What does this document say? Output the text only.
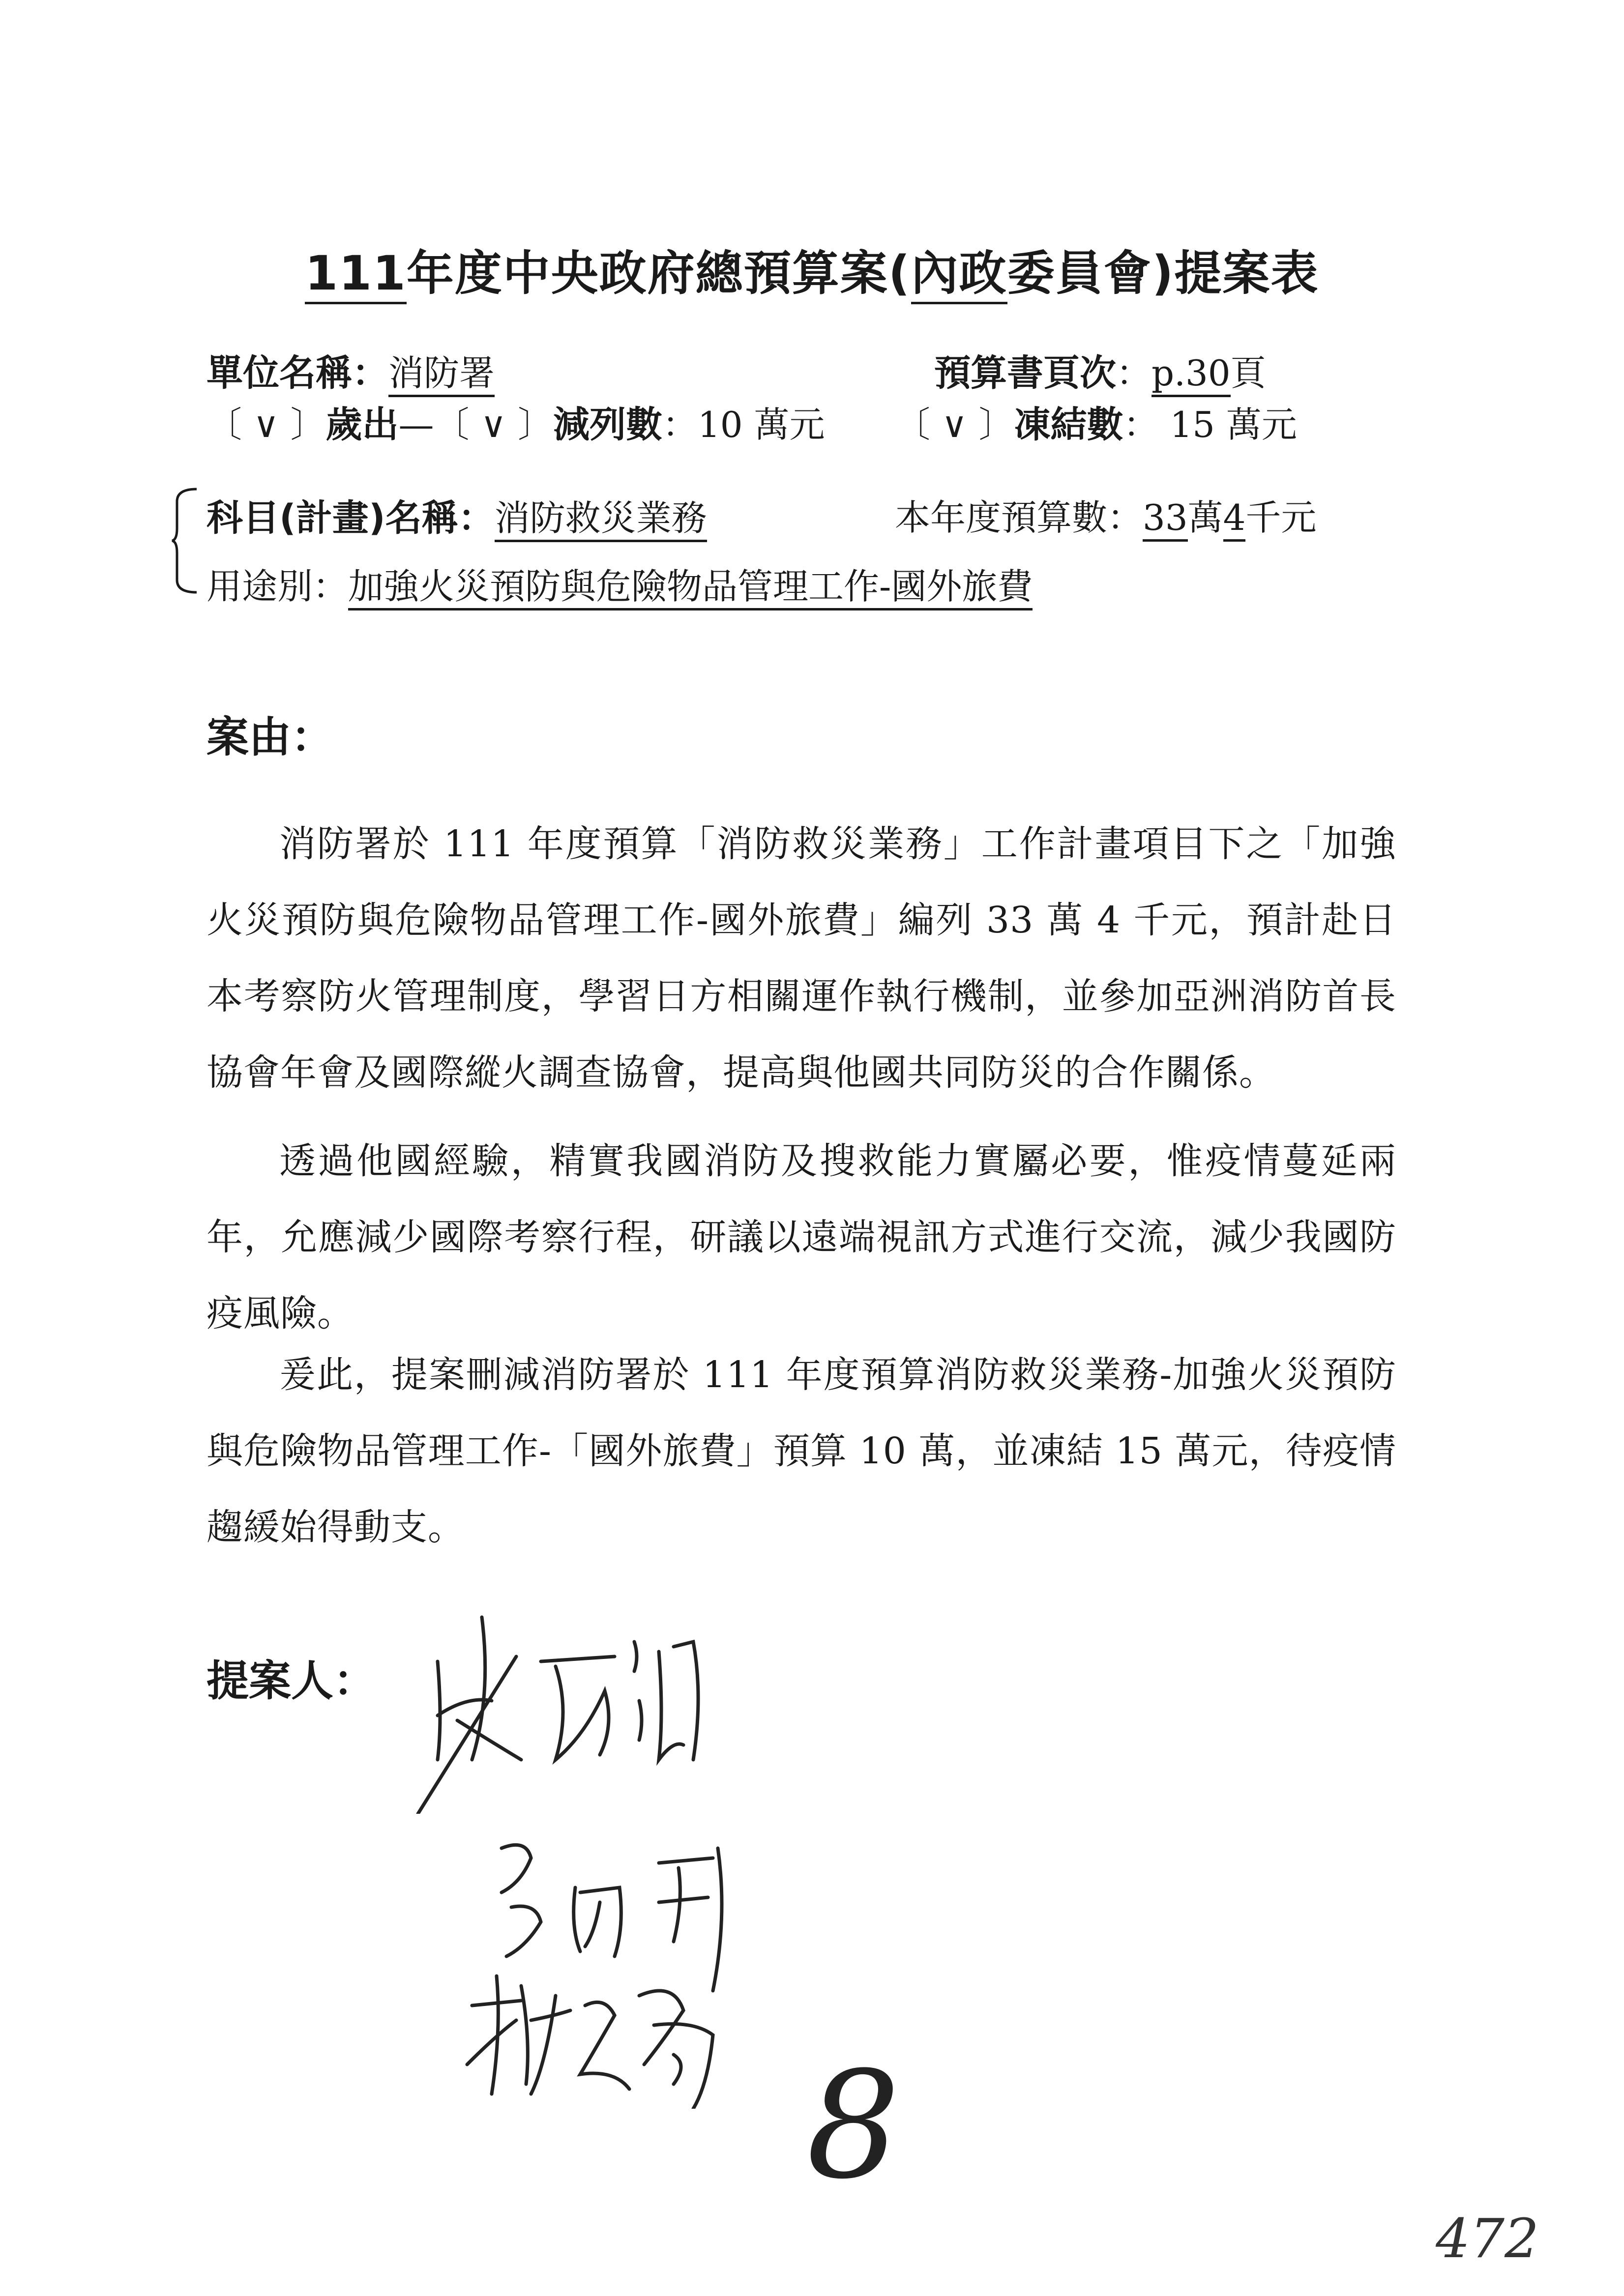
111年度中央政府總預算案(內政委員會)提案表
單位名稱：消防署	預算書頁次：p.30頁
〔 ∨ 〕歲出—〔 ∨ 〕減列數：10 萬元 〔 ∨ 〕凍結數： 15 萬元
科目(計畫)名稱：消防救災業務	本年度預算數：33萬4千元
用途別：加強火災預防與危險物品管理工作-國外旅費
案由：
消防署於 111 年度預算「消防救災業務」工作計畫項目下之「加強火災預防與危險物品管理工作-國外旅費」編列 33 萬 4 千元，預計赴日本考察防火管理制度，學習日方相關運作執行機制，並參加亞洲消防首長協會年會及國際縱火調查協會，提高與他國共同防災的合作關係。
透過他國經驗，精實我國消防及搜救能力實屬必要，惟疫情蔓延兩年，允應減少國際考察行程，研議以遠端視訊方式進行交流，減少我國防疫風險。
爰此，提案刪減消防署於 111 年度預算消防救災業務-加強火災預防與危險物品管理工作-「國外旅費」預算 10 萬，並凍結 15 萬元，待疫情趨緩始得動支。
提案人：
8
472
